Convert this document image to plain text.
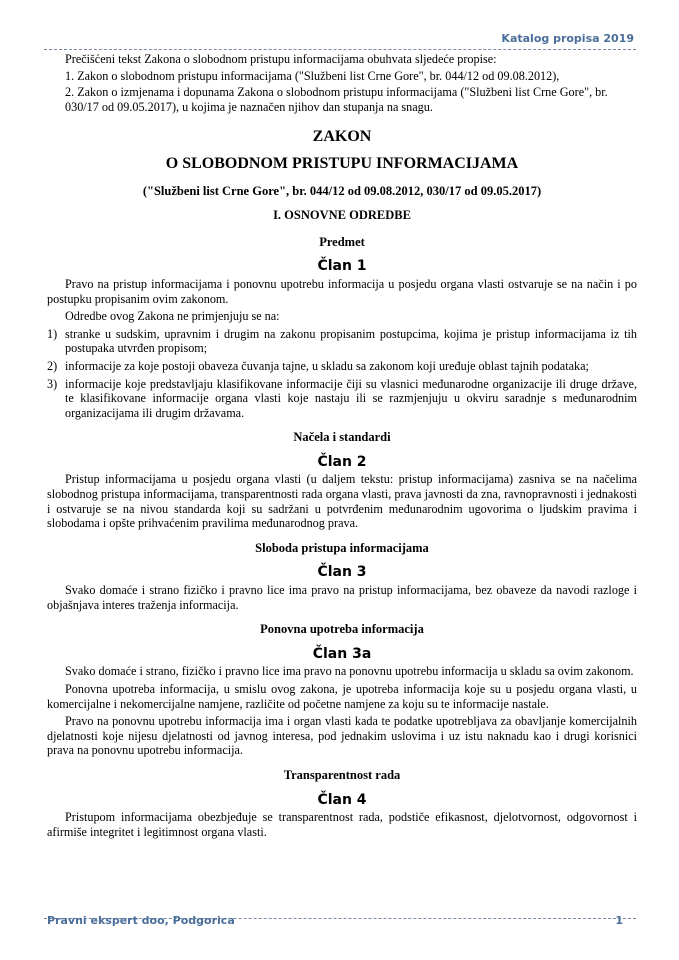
Katalog propisa 2019

Prečišćeni tekst Zakona o slobodnom pristupu informacijama obuhvata sljedeće propise:

1. Zakon o slobodnom pristupu informacijama ("Službeni list Crne Gore", br. 044/12 od 09.08.2012),

2. Zakon o izmjenama i dopunama Zakona o slobodnom pristupu informacijama ("Službeni list Crne Gore", br. 030/17 od 09.05.2017), u kojima je naznačen njihov dan stupanja na snagu.

ZAKON

O SLOBODNOM PRISTUPU INFORMACIJAMA

("Službeni list Crne Gore", br. 044/12 od 09.08.2012, 030/17 od 09.05.2017)

I. OSNOVNE ODREDBE

Predmet

Član 1

Pravo na pristup informacijama i ponovnu upotrebu informacija u posjedu organa vlasti ostvaruje se na način i po postupku propisanim ovim zakonom.

Odredbe ovog Zakona ne primjenjuju se na:

1) stranke u sudskim, upravnim i drugim na zakonu propisanim postupcima, kojima je pristup informacijama iz tih postupaka utvrđen propisom;
2) informacije za koje postoji obaveza čuvanja tajne, u skladu sa zakonom koji uređuje oblast tajnih podataka;
3) informacije koje predstavljaju klasifikovane informacije čiji su vlasnici međunarodne organizacije ili druge države, te klasifikovane informacije organa vlasti koje nastaju ili se razmjenjuju u okviru saradnje s međunarodnim organizacijama ili drugim državama.

Načela i standardi

Član 2

Pristup informacijama u posjedu organa vlasti (u daljem tekstu: pristup informacijama) zasniva se na načelima slobodnog pristupa informacijama, transparentnosti rada organa vlasti, prava javnosti da zna, ravnopravnosti i jednakosti i ostvaruje se na nivou standarda koji su sadržani u potvrđenim međunarodnim ugovorima o ljudskim pravima i slobodama i opšte prihvaćenim pravilima međunarodnog prava.

Sloboda pristupa informacijama

Član 3

Svako domaće i strano fizičko i pravno lice ima pravo na pristup informacijama, bez obaveze da navodi razloge i objašnjava interes traženja informacija.

Ponovna upotreba informacija

Član 3a

Svako domaće i strano, fizičko i pravno lice ima pravo na ponovnu upotrebu informacija u skladu sa ovim zakonom.

Ponovna upotreba informacija, u smislu ovog zakona, je upotreba informacija koje su u posjedu organa vlasti, u komercijalne i nekomercijalne namjene, različite od početne namjene za koju su te informacije nastale.

Pravo na ponovnu upotrebu informacija ima i organ vlasti kada te podatke upotrebljava za obavljanje komercijalnih djelatnosti koje nijesu djelatnosti od javnog interesa, pod jednakim uslovima i uz istu naknadu kao i drugi korisnici prava na ponovnu upotrebu informacija.

Transparentnost rada

Član 4

Pristupom informacijama obezbjeđuje se transparentnost rada, podstiče efikasnost, djelotvornost, odgovornost i afirmiše integritet i legitimnost organa vlasti.

Pravni ekspert doo, Podgorica	1
